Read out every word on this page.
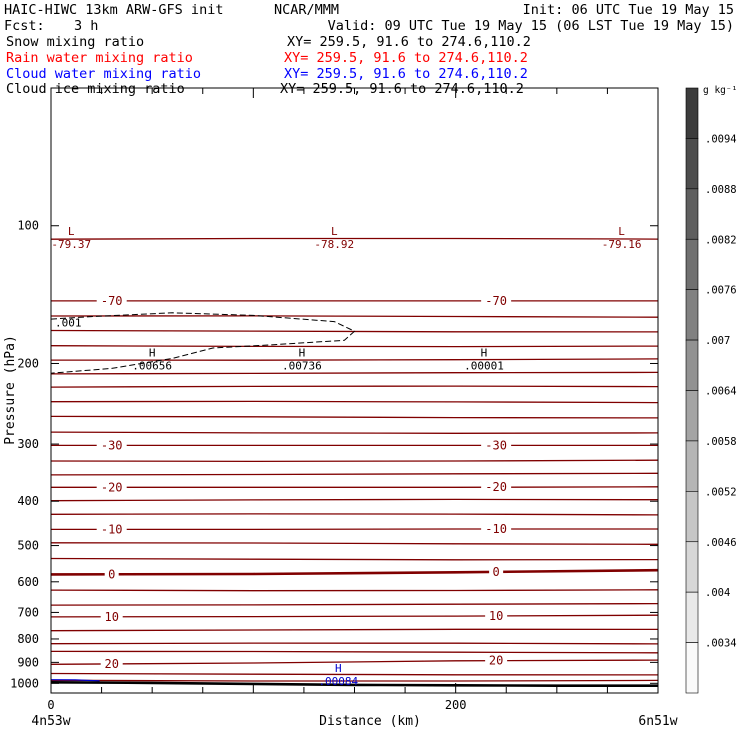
HAIC-HIWC 13km ARW-GFS init	NCAR/MMM	Init: 06 UTC Tue 19 May 15
Fcst: 3 h	Valid: 09 UTC Tue 19 May 15 (06 LST Tue 19 May 15)
Snow mixing ratio	XY= 259.5, 91.6 to 274.6,110.2
Rain water mixing ratio	XY= 259.5, 91.6 to 274.6,110.2
Cloud water mixing ratio	XY= 259.5, 91.6 to 274.6,110.2
Cloud ice mixing ratio	XY= 259.5, 91.6 to 274.6,110.2
-70	-70
-30	-30
-20	-20
-10	-10
0	0
10	10
20	20
.001
L
-79.37
L
-78.92
L
-79.16
H
.00656
H
.00736
H
.00001
H
.00084
100
200
300
400
500
600
700
800
900
1000
0	200
Pressure (hPa)
Distance (km)
4n53w	6n51w
.0094
.0088
.0082
.0076
.007
.0064
.0058
.0052
.0046
.004
.0034
g kg⁻¹
